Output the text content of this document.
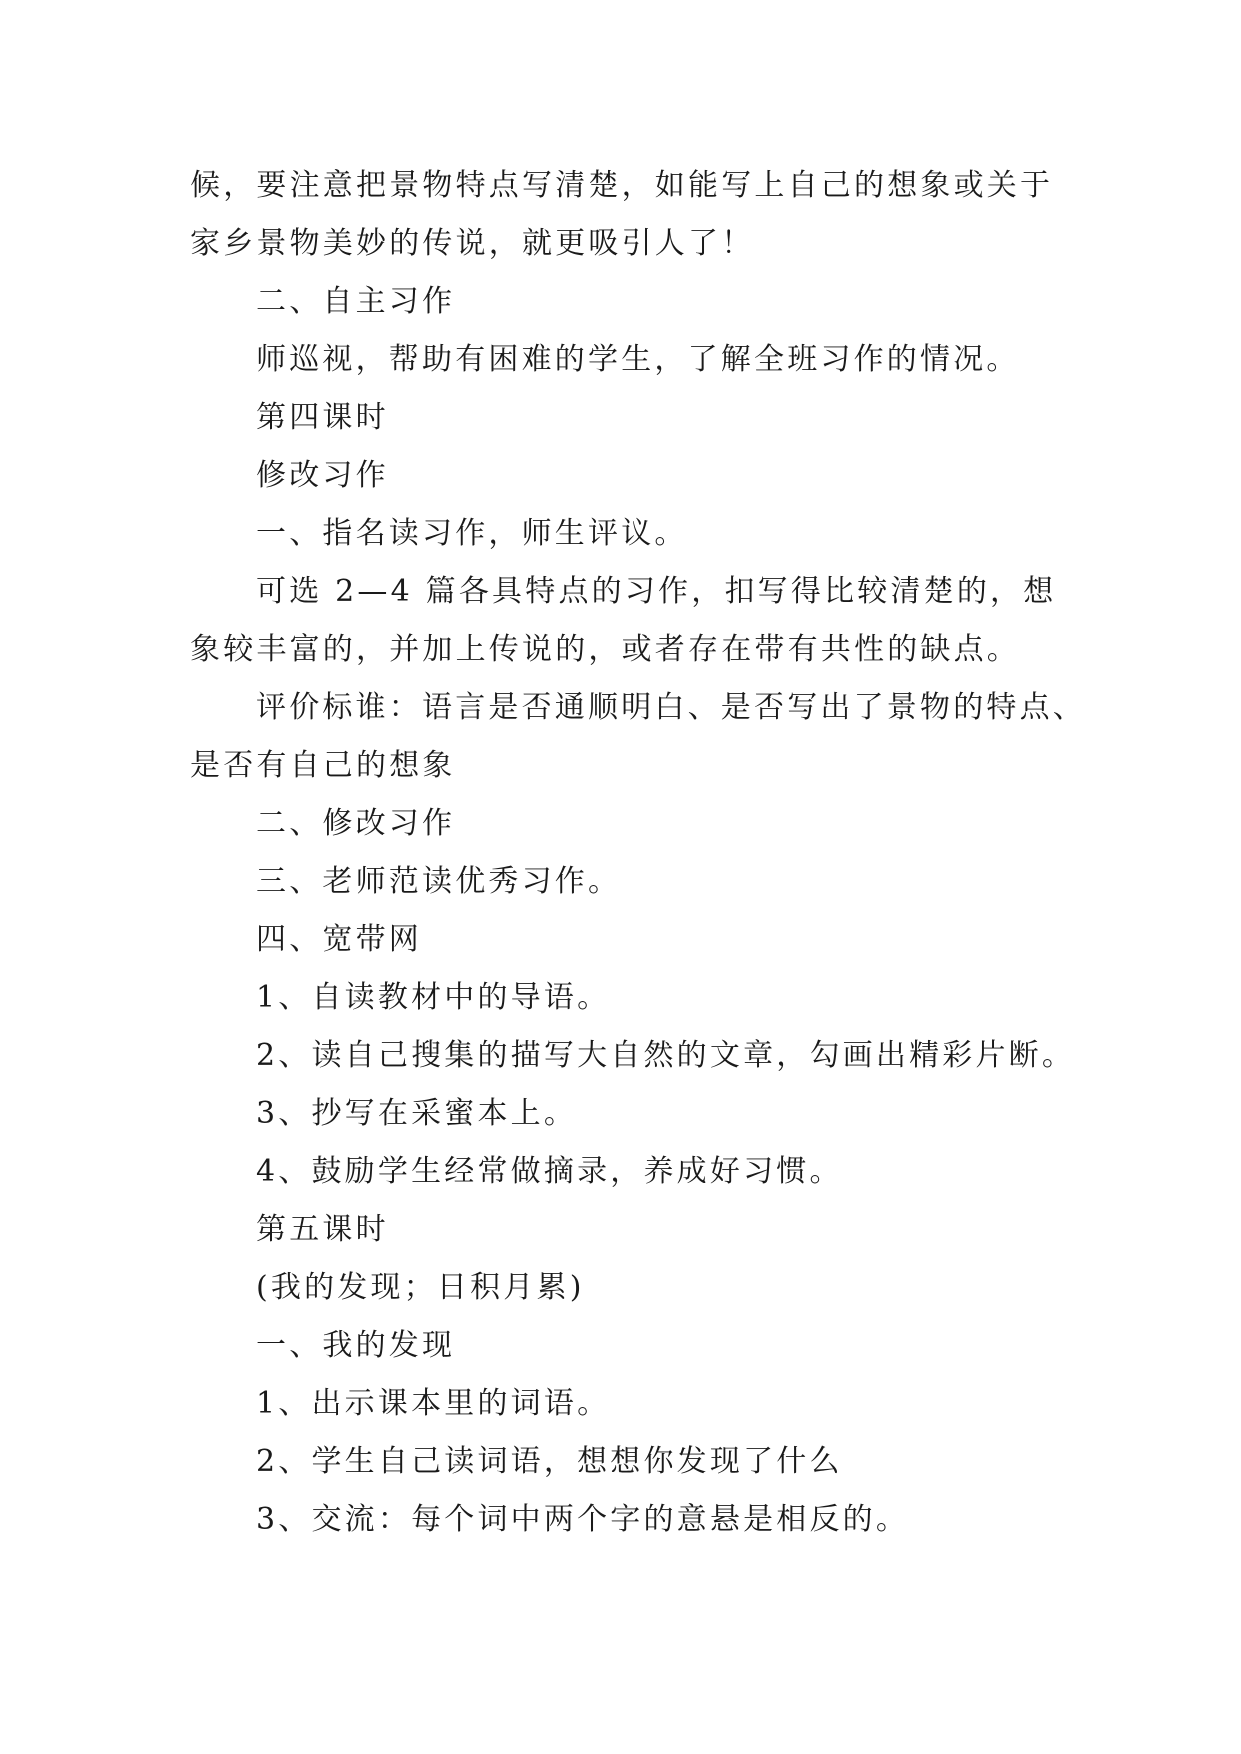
候，要注意把景物特点写清楚，如能写上自己的想象或关于

家乡景物美妙的传说，就更吸引人了！

二、自主习作

师巡视，帮助有困难的学生，了解全班习作的情况。

第四课时

修改习作

一、指名读习作，师生评议。

可选 2—4 篇各具特点的习作，扣写得比较清楚的，想

象较丰富的，并加上传说的，或者存在带有共性的缺点。

评价标谁：语言是否通顺明白、是否写出了景物的特点、

是否有自己的想象

二、修改习作

三、老师范读优秀习作。

四、宽带网

1、自读教材中的导语。

2、读自己搜集的描写大自然的文章，勾画出精彩片断。

3、抄写在采蜜本上。

4、鼓励学生经常做摘录，养成好习惯。

第五课时

(我的发现；日积月累)

一、我的发现

1、出示课本里的词语。

2、学生自己读词语，想想你发现了什么

3、交流：每个词中两个字的意悬是相反的。
